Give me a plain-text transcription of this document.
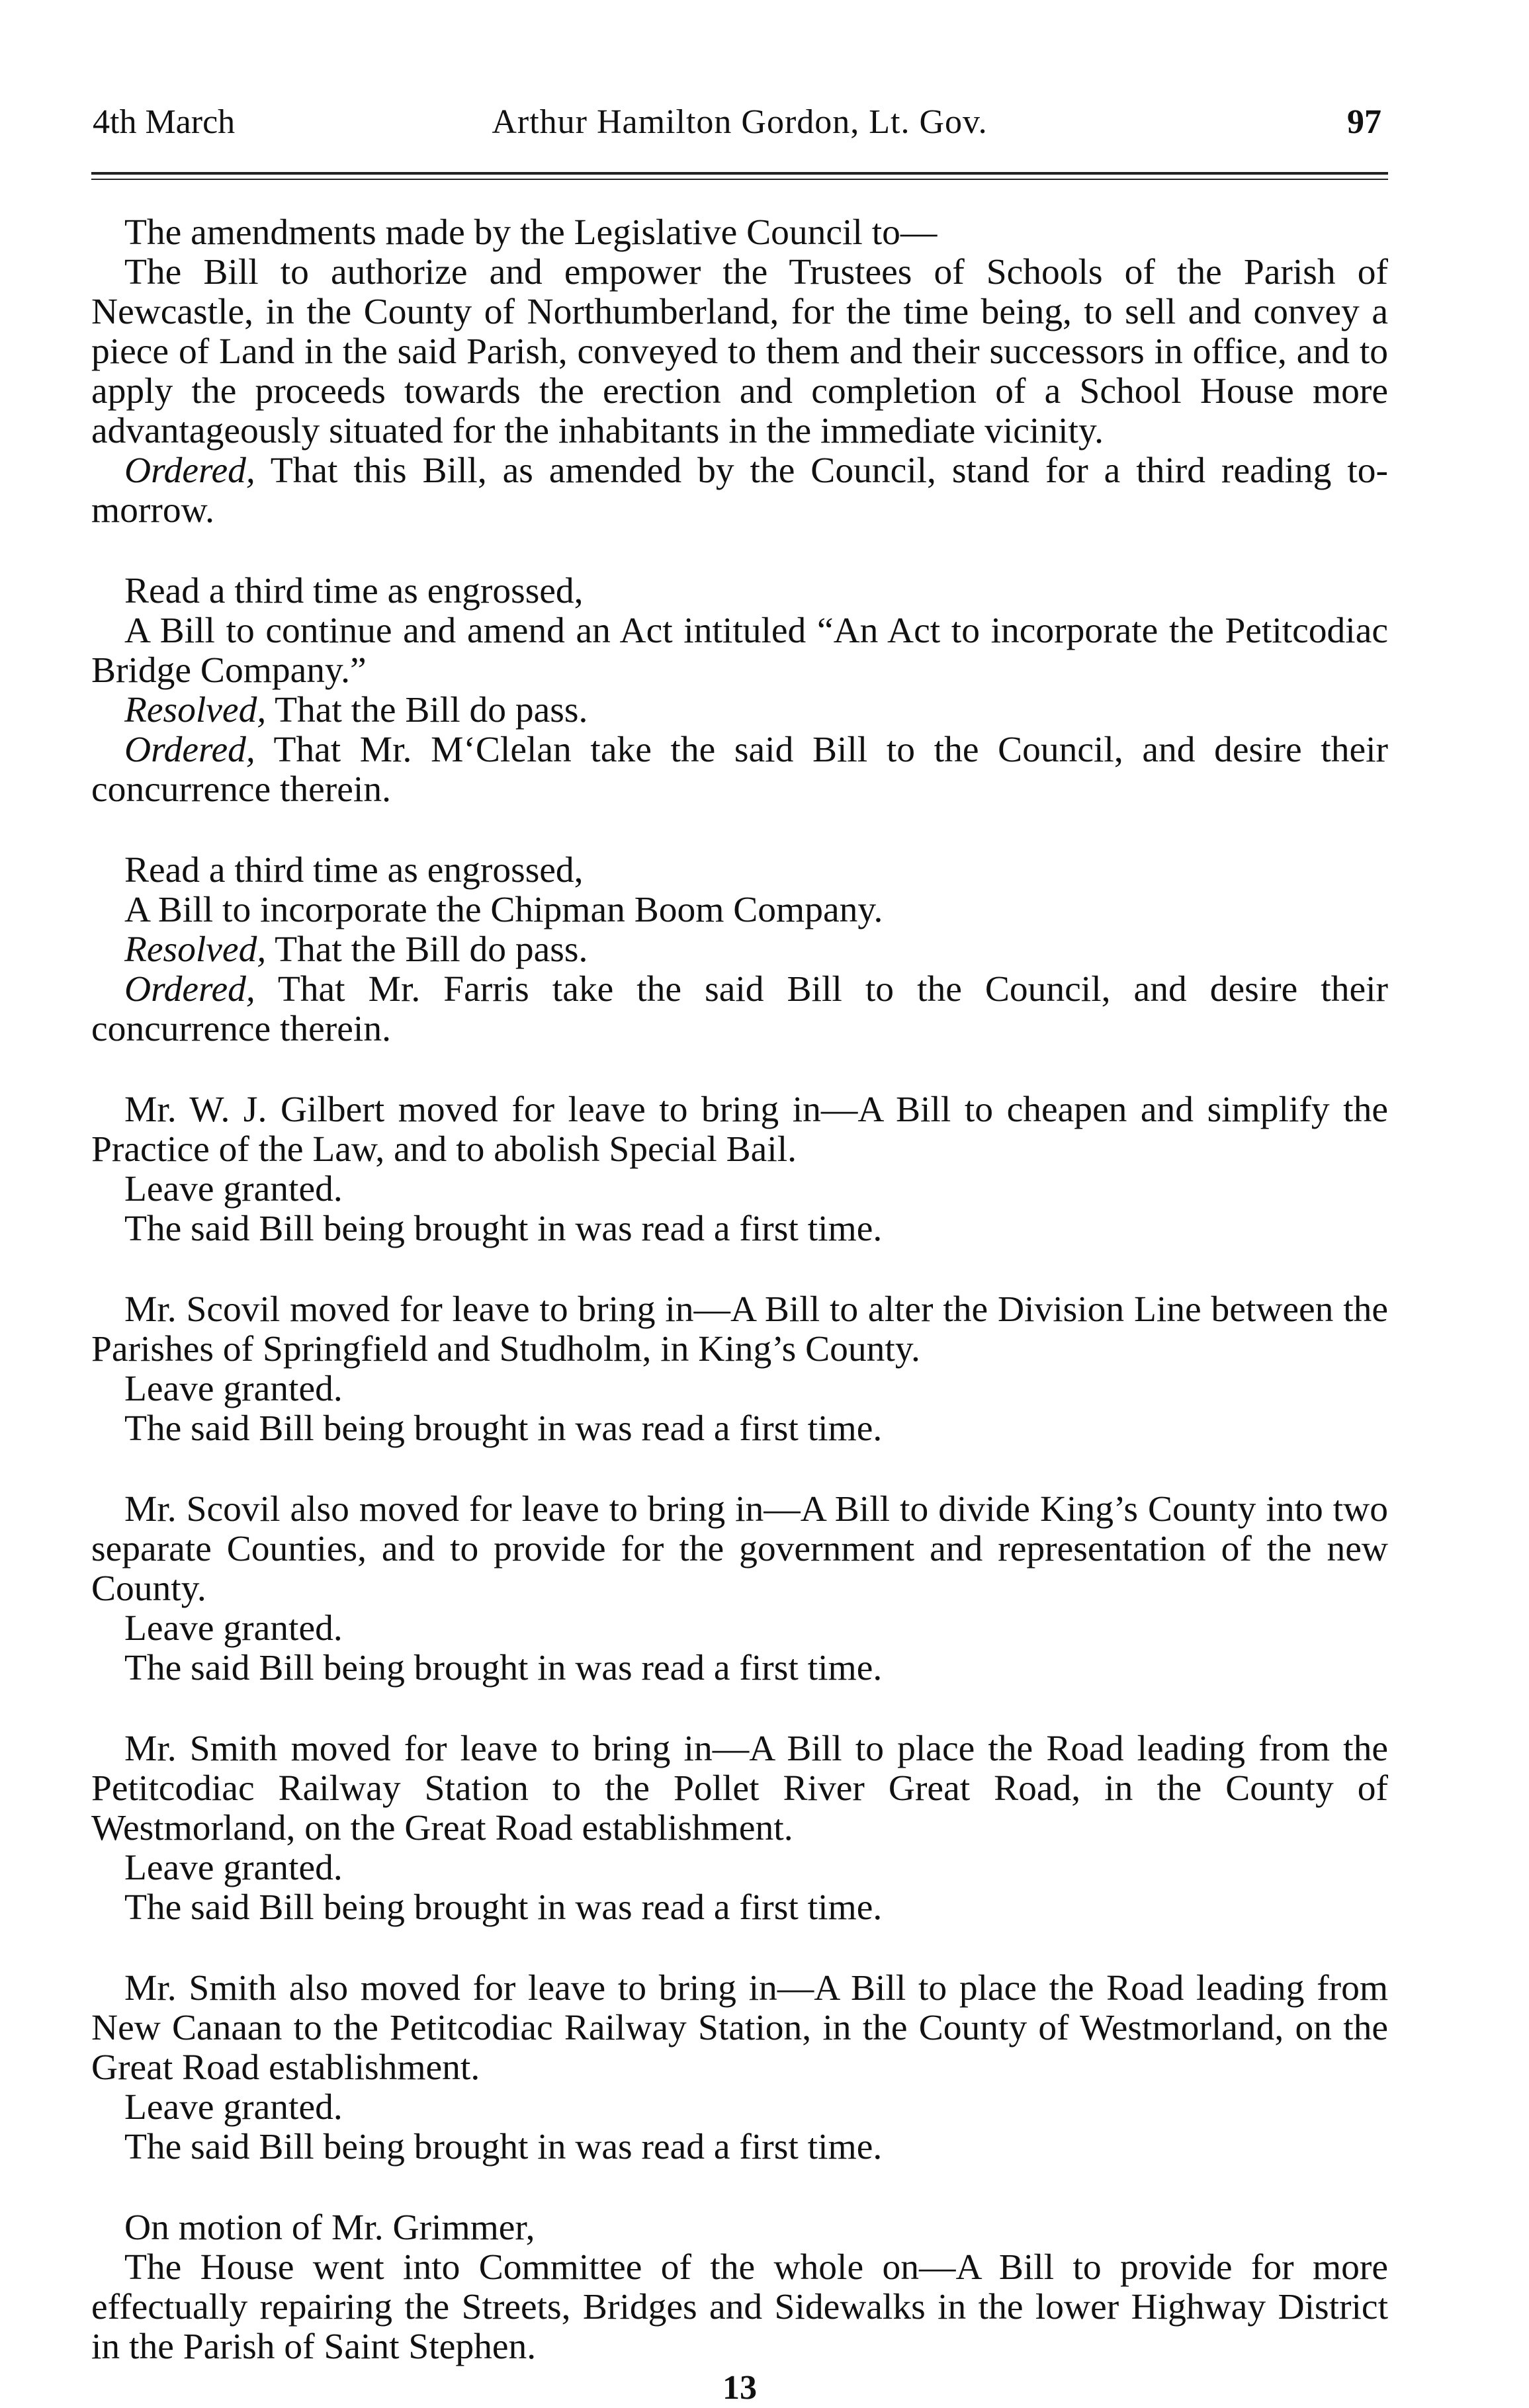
4th March	Arthur Hamilton Gordon, Lt. Gov.	97

The amendments made by the Legislative Council to—

The Bill to authorize and empower the Trustees of Schools of the Parish of Newcastle, in the County of Northumberland, for the time being, to sell and convey a piece of Land in the said Parish, conveyed to them and their successors in office, and to apply the proceeds towards the erection and completion of a School House more advantageously situated for the inhabitants in the immediate vicinity.

Ordered, That this Bill, as amended by the Council, stand for a third reading to-morrow.

Read a third time as engrossed,

A Bill to continue and amend an Act intituled “An Act to incorporate the Petitcodiac Bridge Company.”

Resolved, That the Bill do pass.

Ordered, That Mr. M‘Clelan take the said Bill to the Council, and desire their concurrence therein.

Read a third time as engrossed,

A Bill to incorporate the Chipman Boom Company.

Resolved, That the Bill do pass.

Ordered, That Mr. Farris take the said Bill to the Council, and desire their concurrence therein.

Mr. W. J. Gilbert moved for leave to bring in—A Bill to cheapen and simplify the Practice of the Law, and to abolish Special Bail.

Leave granted.

The said Bill being brought in was read a first time.

Mr. Scovil moved for leave to bring in—A Bill to alter the Division Line between the Parishes of Springfield and Studholm, in King’s County.

Leave granted.

The said Bill being brought in was read a first time.

Mr. Scovil also moved for leave to bring in—A Bill to divide King’s County into two separate Counties, and to provide for the government and representation of the new County.

Leave granted.

The said Bill being brought in was read a first time.

Mr. Smith moved for leave to bring in—A Bill to place the Road leading from the Petitcodiac Railway Station to the Pollet River Great Road, in the County of Westmorland, on the Great Road establishment.

Leave granted.

The said Bill being brought in was read a first time.

Mr. Smith also moved for leave to bring in—A Bill to place the Road leading from New Canaan to the Petitcodiac Railway Station, in the County of Westmorland, on the Great Road establishment.

Leave granted.

The said Bill being brought in was read a first time.

On motion of Mr. Grimmer,

The House went into Committee of the whole on—A Bill to provide for more effectually repairing the Streets, Bridges and Sidewalks in the lower Highway District in the Parish of Saint Stephen.

13
